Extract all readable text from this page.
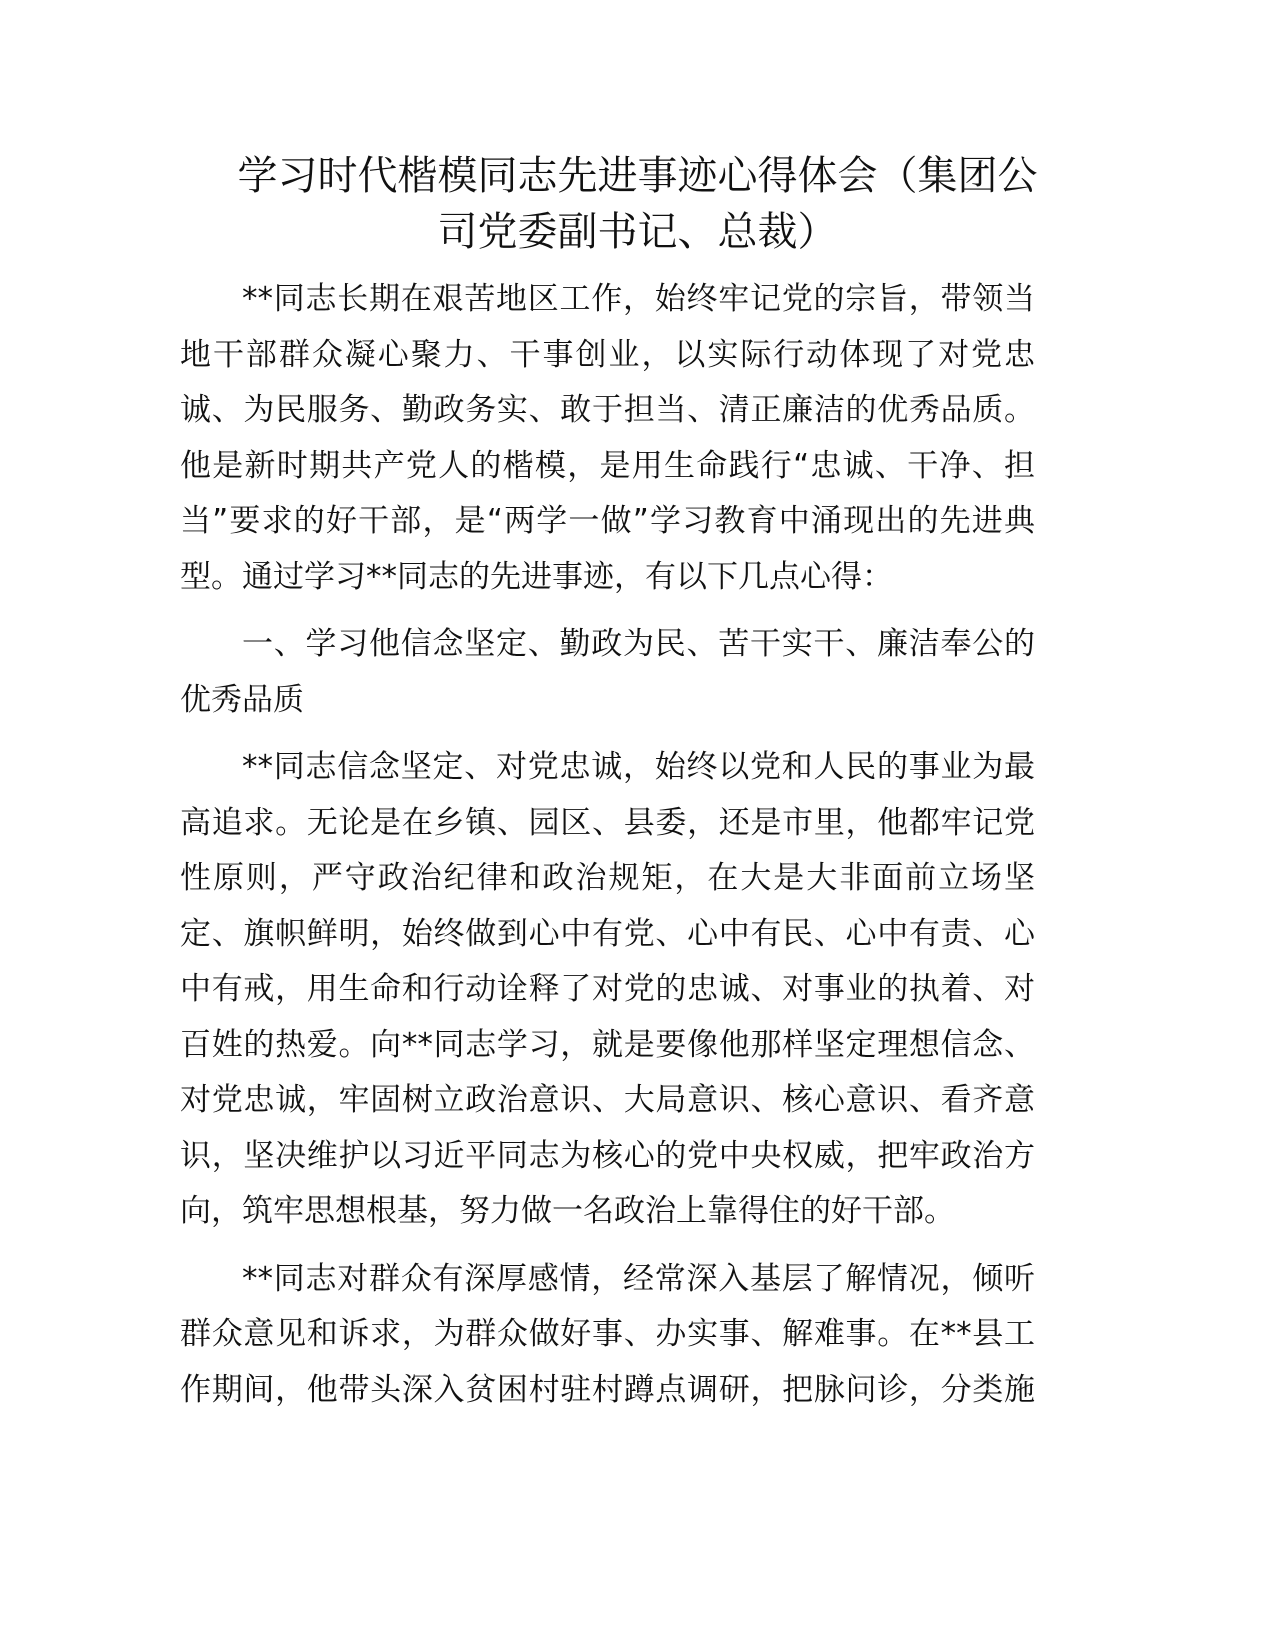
学习时代楷模同志先进事迹心得体会（集团公
司党委副书记、总裁）
**同志长期在艰苦地区工作，始终牢记党的宗旨，带领当
地干部群众凝心聚力、干事创业，以实际行动体现了对党忠
诚、为民服务、勤政务实、敢于担当、清正廉洁的优秀品质。
他是新时期共产党人的楷模，是用生命践行“忠诚、干净、担
当”要求的好干部，是“两学一做”学习教育中涌现出的先进典
型。通过学习**同志的先进事迹，有以下几点心得：
一、学习他信念坚定、勤政为民、苦干实干、廉洁奉公的
优秀品质
**同志信念坚定、对党忠诚，始终以党和人民的事业为最
高追求。无论是在乡镇、园区、县委，还是市里，他都牢记党
性原则，严守政治纪律和政治规矩，在大是大非面前立场坚
定、旗帜鲜明，始终做到心中有党、心中有民、心中有责、心
中有戒，用生命和行动诠释了对党的忠诚、对事业的执着、对
百姓的热爱。向**同志学习，就是要像他那样坚定理想信念、
对党忠诚，牢固树立政治意识、大局意识、核心意识、看齐意
识，坚决维护以习近平同志为核心的党中央权威，把牢政治方
向，筑牢思想根基，努力做一名政治上靠得住的好干部。
**同志对群众有深厚感情，经常深入基层了解情况，倾听
群众意见和诉求，为群众做好事、办实事、解难事。在**县工
作期间，他带头深入贫困村驻村蹲点调研，把脉问诊，分类施
